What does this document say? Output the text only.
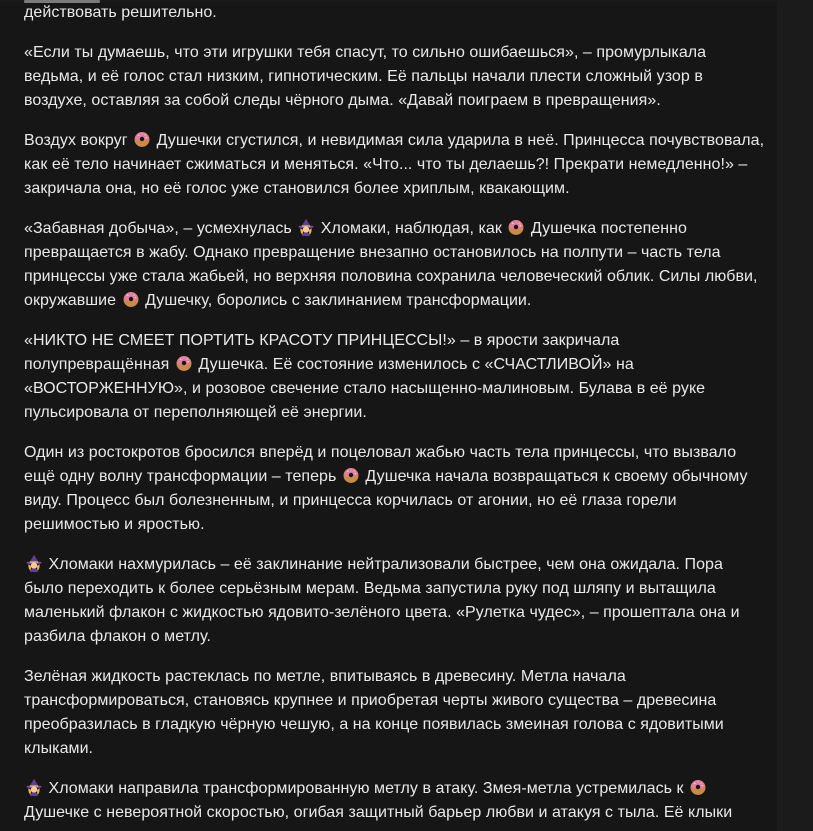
действовать решительно.

«Если ты думаешь, что эти игрушки тебя спасут, то сильно ошибаешься», – промурлыкала ведьма, и её голос стал низким, гипнотическим. Её пальцы начали плести сложный узор в воздухе, оставляя за собой следы чёрного дыма. «Давай поиграем в превращения».

Воздух вокруг  Душечки сгустился, и невидимая сила ударила в неё. Принцесса почувствовала, как её тело начинает сжиматься и меняться. «Что... что ты делаешь?! Прекрати немедленно!» – закричала она, но её голос уже становился более хриплым, квакающим.

«Забавная добыча», – усмехнулась  Хломаки, наблюдая, как  Душечка постепенно превращается в жабу. Однако превращение внезапно остановилось на полпути – часть тела принцессы уже стала жабьей, но верхняя половина сохранила человеческий облик. Силы любви, окружавшие  Душечку, боролись с заклинанием трансформации.

«НИКТО НЕ СМЕЕТ ПОРТИТЬ КРАСОТУ ПРИНЦЕССЫ!» – в ярости закричала полупревращённая  Душечка. Её состояние изменилось с «СЧАСТЛИВОЙ» на «ВОСТОРЖЕННУЮ», и розовое свечение стало насыщенно-малиновым. Булава в её руке пульсировала от переполняющей её энергии.

Один из ростокротов бросился вперёд и поцеловал жабью часть тела принцессы, что вызвало ещё одну волну трансформации – теперь  Душечка начала возвращаться к своему обычному виду. Процесс был болезненным, и принцесса корчилась от агонии, но её глаза горели решимостью и яростью.

Хломаки нахмурилась – её заклинание нейтрализовали быстрее, чем она ожидала. Пора было переходить к более серьёзным мерам. Ведьма запустила руку под шляпу и вытащила маленький флакон с жидкостью ядовито-зелёного цвета. «Рулетка чудес», – прошептала она и разбила флакон о метлу.

Зелёная жидкость растеклась по метле, впитываясь в древесину. Метла начала трансформироваться, становясь крупнее и приобретая черты живого существа – древесина преобразилась в гладкую чёрную чешую, а на конце появилась змеиная голова с ядовитыми клыками.

Хломаки направила трансформированную метлу в атаку. Змея-метла устремилась к  Душечке с невероятной скоростью, огибая защитный барьер любви и атакуя с тыла. Её клыки
